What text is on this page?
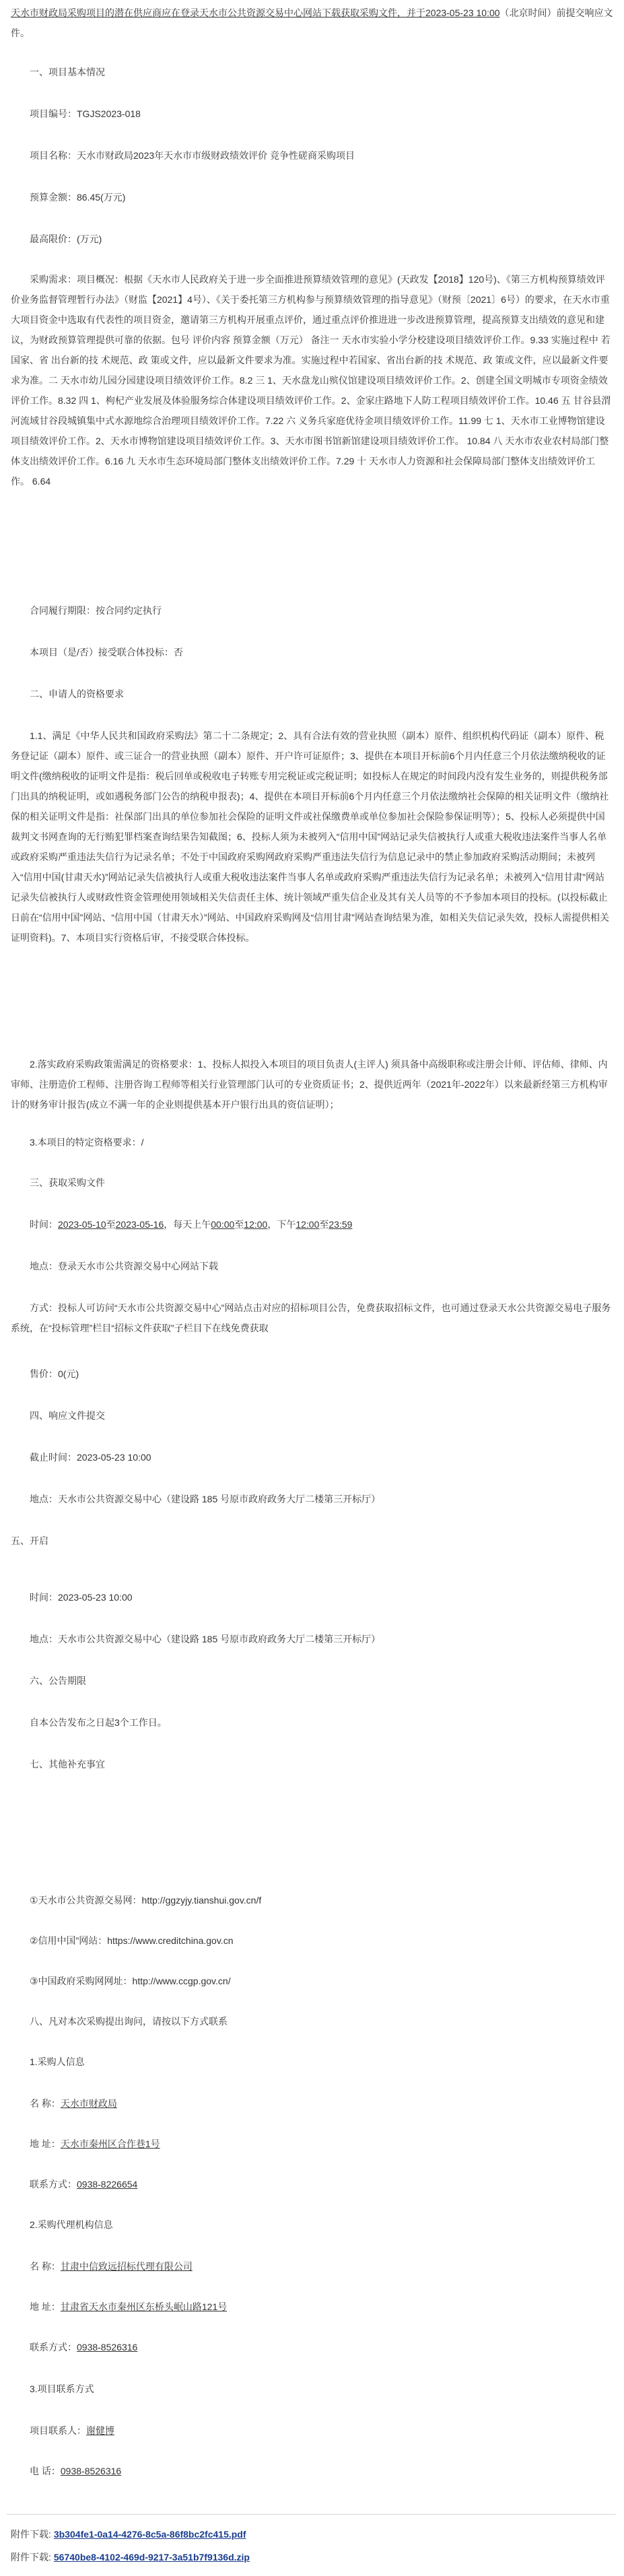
天水市财政局采购项目的潜在供应商应在登录天水市公共资源交易中心网站下载获取采购文件，并于2023-05-23 10:00（北京时间）前提交响应文件。

一、项目基本情况

项目编号：TGJS2023-018

项目名称：天水市财政局2023年天水市市级财政绩效评价 竞争性磋商采购项目

预算金额：86.45(万元)

最高限价：(万元)

采购需求：项目概况：根据《天水市人民政府关于进一步全面推进预算绩效管理的意见》(天政发【2018】120号)、《第三方机构预算绩效评价业务监督管理暂行办法》（财监【2021】4号）、《关于委托第三方机构参与预算绩效管理的指导意见》（财预〔2021〕6号）的要求，在天水市重大项目资金中选取有代表性的项目资金，邀请第三方机构开展重点评价，通过重点评价推进进一步改进预算管理，提高预算支出绩效的意见和建议，为财政预算管理提供可靠的依据。包号 评价内容 预算金额（万元） 备注一 天水市实验小学分校建设项目绩效评价工作。9.33 实施过程中 若国家、省 出台新的技 术规范、政 策或文件，应以最新文件要求为准。实施过程中若国家、省出台新的技 术规范、政 策或文件，应以最新文件要求为准。二 天水市幼儿园分园建设项目绩效评价工作。8.2 三 1、天水盘龙山殡仪馆建设项目绩效评价工作。2、创建全国文明城市专项资金绩效评价工作。8.32 四 1、枸杞产业发展及体验服务综合体建设项目绩效评价工作。2、金家庄路地下人防工程项目绩效评价工作。10.46 五 甘谷县渭河流域甘谷段城镇集中式水源地综合治理项目绩效评价工作。7.22 六 义务兵家庭优待金项目绩效评价工作。11.99 七 1、天水市工业博物馆建设项目绩效评价工作。2、天水市博物馆建设项目绩效评价工作。3、天水市图书馆新馆建设项目绩效评价工作。 10.84 八 天水市农业农村局部门整体支出绩效评价工作。6.16 九 天水市生态环境局部门整体支出绩效评价工作。7.29 十 天水市人力资源和社会保障局部门整体支出绩效评价工作。 6.64

合同履行期限：按合同约定执行

本项目（是/否）接受联合体投标：否

二、申请人的资格要求

1.1、满足《中华人民共和国政府采购法》第二十二条规定；2、具有合法有效的营业执照（副本）原件、组织机构代码证（副本）原件、税务登记证（副本）原件、或三证合一的营业执照（副本）原件、开户许可证原件；3、提供在本项目开标前6个月内任意三个月依法缴纳税收的证明文件(缴纳税收的证明文件是指：税后回单或税收电子转账专用完税证或完税证明；如投标人在规定的时间段内没有发生业务的，则提供税务部门出具的纳税证明，或如遇税务部门公告的纳税申报表)；4、提供在本项目开标前6个月内任意三个月依法缴纳社会保障的相关证明文件（缴纳社保的相关证明文件是指：社保部门出具的单位参加社会保险的证明文件或社保缴费单或单位参加社会保险参保证明等）；5、投标人必须提供中国裁判文书网查询的无行贿犯罪档案查询结果告知截图；6、投标人须为未被列入“信用中国”网站记录失信被执行人或重大税收违法案件当事人名单或政府采购严重违法失信行为记录名单；不处于中国政府采购网政府采购严重违法失信行为信息记录中的禁止参加政府采购活动期间；未被列入“信用中国(甘肃天水)”网站记录失信被执行人或重大税收违法案件当事人名单或政府采购严重违法失信行为记录名单；未被列入“信用甘肃”网站记录失信被执行人或财政性资金管理使用领域相关失信责任主体、统计领域严重失信企业及其有关人员等的不予参加本项目的投标。(以投标截止日前在“信用中国”网站、“信用中国（甘肃天水）”网站、中国政府采购网及“信用甘肃”网站查询结果为准，如相关失信记录失效，投标人需提供相关证明资料)。7、本项目实行资格后审，不接受联合体投标。

2.落实政府采购政策需满足的资格要求：1、投标人拟投入本项目的项目负责人(主评人) 须具备中高级职称或注册会计师、评估师、律师、内审师、注册造价工程师、注册咨询工程师等相关行业管理部门认可的专业资质证书；2、提供近两年（2021年-2022年）以来最新经第三方机构审计的财务审计报告(成立不满一年的企业则提供基本开户银行出具的资信证明）；

3.本项目的特定资格要求：/

三、获取采购文件

时间：2023-05-10至2023-05-16，每天上午00:00至12:00，下午12:00至23:59

地点：登录天水市公共资源交易中心网站下载

方式：投标人可访问“天水市公共资源交易中心”网站点击对应的招标项目公告，免费获取招标文件，也可通过登录天水公共资源交易电子服务系统，在“投标管理”栏目“招标文件获取”子栏目下在线免费获取

售价：0(元)

四、响应文件提交

截止时间：2023-05-23 10:00

地点：天水市公共资源交易中心（建设路 185 号原市政府政务大厅二楼第三开标厅）

五、开启

时间：2023-05-23 10:00

地点：天水市公共资源交易中心（建设路 185 号原市政府政务大厅二楼第三开标厅）

六、公告期限

自本公告发布之日起3个工作日。

七、其他补充事宜

①天水市公共资源交易网：http://ggzyjy.tianshui.gov.cn/f

②信用中国”网站：https://www.creditchina.gov.cn

③中国政府采购网网址：http://www.ccgp.gov.cn/

八、凡对本次采购提出询问，请按以下方式联系

1.采购人信息

名 称：天水市财政局

地 址：天水市秦州区合作巷1号

联系方式：0938-8226654

2.采购代理机构信息

名 称：甘肃中信致远招标代理有限公司

地 址：甘肃省天水市秦州区东桥头岷山路121号

联系方式：0938-8526316

3.项目联系方式

项目联系人：谢健博

电 话：0938-8526316

附件下载: 3b304fe1-0a14-4276-8c5a-86f8bc2fc415.pdf
附件下载: 56740be8-4102-469d-9217-3a51b7f9136d.zip
